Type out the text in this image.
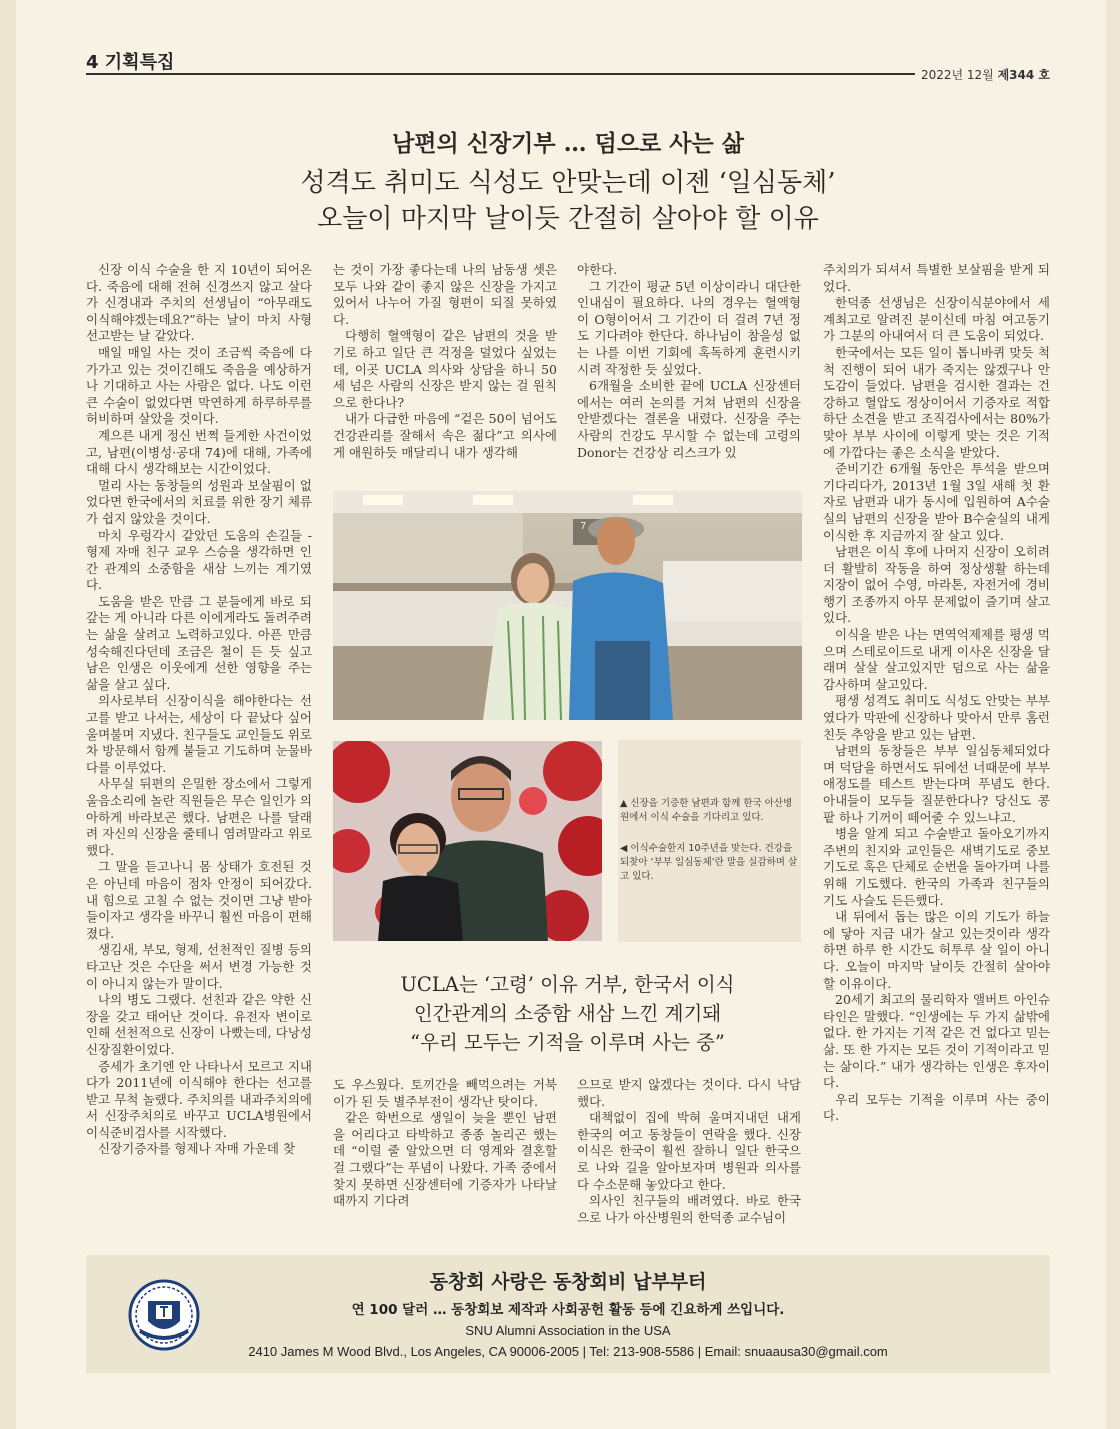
4 기획특집
2022년 12월 제344 호
남편의 신장기부 … 덤으로 사는 삶
성격도 취미도 식성도 안맞는데 이젠 ‘일심동체’
오늘이 마지막 날이듯 간절히 살아야 할 이유

신장 이식 수술을 한 지 10년이 되어온다. 죽음에 대해 전혀 신경쓰지 않고 살다가 신경내과 주치의 선생님이 “아무래도 이식해야겠는데요?”하는 날이 마치 사형 선고받는 날 같았다.

매일 매일 사는 것이 조금씩 죽음에 다가가고 있는 것이긴해도 죽음을 예상하거나 기대하고 사는 사람은 없다. 나도 이런 큰 수술이 없었다면 막연하게 하루하루를 허비하며 살았을 것이다.

계으른 내게 정신 번쩍 들게한 사건이었고, 남편(이병성·공대 74)에 대해, 가족에 대해 다시 생각해보는 시간이었다.

멀리 사는 동창들의 성원과 보살핌이 없었다면 한국에서의 치료를 위한 장기 체류가 쉽지 않았을 것이다.

마치 우렁각시 같았던 도움의 손길들 - 형제 자매 친구 교우 스승을 생각하면 인간 관계의 소중함을 새삼 느끼는 계기였다.

도움을 받은 만큼 그 분들에게 바로 되갚는 게 아니라 다른 이에게라도 돌려주려는 삶을 살려고 노력하고있다. 아픈 만큼 성숙해진다던데 조금은 철이 든 듯 싶고 남은 인생은 이웃에게 선한 영향을 주는 삶을 살고 싶다.

의사로부터 신장이식을 해야한다는 선고를 받고 나서는, 세상이 다 끝났다 싶어 울며불며 지냈다. 친구들도 교인들도 위로 차 방문해서 함께 붙들고 기도하며 눈물바다를 이루었다.

사무실 뒤편의 은밀한 장소에서 그렇게 울음소리에 놀란 직원들은 무슨 일인가 의아하게 바라보곤 했다. 남편은 나를 달래려 자신의 신장을 줄테니 염려말라고 위로했다.

그 말을 듣고나니 몸 상태가 호전된 것은 아닌데 마음이 점차 안정이 되어갔다. 내 힘으로 고칠 수 없는 것이면 그냥 받아들이자고 생각을 바꾸니 훨씬 마음이 편해졌다.

생김새, 부모, 형제, 선천적인 질병 등의 타고난 것은 수단을 써서 변경 가능한 것이 아니지 않는가 말이다.

나의 병도 그랬다. 선친과 같은 약한 신장을 갖고 태어난 것이다. 유전자 변이로 인해 선천적으로 신장이 나빴는데, 다낭성 신장질환이었다.

증세가 초기엔 안 나타나서 모르고 지내다가 2011년에 이식해야 한다는 선고를 받고 무척 놀랬다. 주치의를 내과주치의에서 신장주치의로 바꾸고 UCLA병원에서 이식준비검사를 시작했다.

신장기증자를 형제나 자매 가운데 찾

는 것이 가장 좋다는데 나의 남동생 셋은 모두 나와 같이 좋지 않은 신장을 가지고 있어서 나누어 가질 형편이 되질 못하였다.

다행히 혈액형이 같은 남편의 것을 받기로 하고 일단 큰 걱정을 덜었다 싶었는데, 이곳 UCLA 의사와 상담을 하니 50세 넘은 사람의 신장은 받지 않는 걸 원칙으로 한다나?

내가 다급한 마음에 “겉은 50이 넘어도 건강관리를 잘해서 속은 젊다”고 의사에게 애원하듯 매달리니 내가 생각해

야한다.

그 기간이 평균 5년 이상이라니 대단한 인내심이 필요하다. 나의 경우는 혈액형이 O형이어서 그 기간이 더 걸려 7년 정도 기다려야 한단다. 하나님이 참을성 없는 나를 이번 기회에 혹독하게 훈련시키시려 작정한 듯 싶었다.

6개월을 소비한 끝에 UCLA 신장센터에서는 여러 논의를 거쳐 남편의 신장을 안받겠다는 결론을 내렸다. 신장을 주는 사람의 건강도 무시할 수 없는데 고령의 Donor는 건강상 리스크가 있

주치의가 되셔서 특별한 보살핌을 받게 되었다.

한덕종 선생님은 신장이식분야에서 세계최고로 알려진 분이신데 마침 여고동기가 그분의 아내여서 더 큰 도움이 되었다.

한국에서는 모든 일이 톱니바퀴 맞듯 척척 진행이 되어 내가 죽지는 않겠구나 안도감이 들었다. 남편을 검시한 결과는 건강하고 혈압도 정상이어서 기증자로 적합하단 소견을 받고 조직검사에서는 80%가 맞아 부부 사이에 이렇게 맞는 것은 기적에 가깝다는 좋은 소식을 받았다.

준비기간 6개월 동안은 투석을 받으며 기다리다가, 2013년 1월 3일 새해 첫 환자로 남편과 내가 동시에 입원하여 A수술실의 남편의 신장을 받아 B수술실의 내게 이식한 후 지금까지 잘 살고 있다.

남편은 이식 후에 나머지 신장이 오히려 더 활발히 작동을 하여 정상생활 하는데 지장이 없어 수영, 마라톤, 자전거에 경비행기 조종까지 아무 문제없이 즐기며 살고있다.

이식을 받은 나는 면역억제제를 평생 먹으며 스테로이드로 내게 이사온 신장을 달래며 살살 살고있지만 덤으로 사는 삶을 감사하며 살고있다.

평생 성격도 취미도 식성도 안맞는 부부였다가 막판에 신장하나 맞아서 만루 홈런 친듯 추앙을 받고 있는 남편.

남편의 동창들은 부부 일심동체되었다며 덕담을 하면서도 뒤에선 너때문에 부부 애정도를 테스트 받는다며 푸념도 한다. 아내들이 모두들 질문한다나? 당신도 콩팥 하나 기꺼이 떼어줄 수 있느냐고.

병을 알게 되고 수술받고 돌아오기까지 주변의 친지와 교인들은 새벽기도로 중보 기도로 혹은 단체로 순번을 돌아가며 나를 위해 기도했다. 한국의 가족과 친구들의 기도 사슬도 든든했다.

내 뒤에서 돕는 많은 이의 기도가 하늘에 닿아 지금 내가 살고 있는것이라 생각하면 하루 한 시간도 허투루 살 일이 아니다. 오늘이 마지막 날이듯 간절히 살아야 할 이유이다.

20세기 최고의 물리학자 앨버트 아인슈타인은 말했다. “인생에는 두 가지 삶밖에 없다. 한 가지는 기적 같은 건 없다고 믿는 삶. 또 한 가지는 모든 것이 기적이라고 믿는 삶이다.” 내가 생각하는 인생은 후자이다.

우리 모두는 기적을 이루며 사는 중이다.

7
▲ 신장을 기증한 남편과 함께 한국 아산병원에서 이식 수술을 기다리고 있다.
◀ 이식수술한지 10주년을 맞는다. 건강을 되찾아 ‘부부 일심동체’란 말을 실감하며 살고 있다.
UCLA는 ‘고령’ 이유 거부, 한국서 이식
인간관계의 소중함 새삼 느낀 계기돼
“우리 모두는 기적을 이루며 사는 중”

도 우스웠다. 토끼간을 빼먹으려는 거북이가 된 듯 별주부전이 생각난 탓이다.

같은 학번으로 생일이 늦을 뿐인 남편을 어리다고 타박하고 종종 놀리곤 했는데 “이럴 줄 알았으면 더 영계와 결혼할 걸 그랬다”는 푸념이 나왔다. 가족 중에서 찾지 못하면 신장센터에 기증자가 나타날 때까지 기다려

으므로 받지 않겠다는 것이다. 다시 낙담했다.

대책없이 집에 박혀 울며지내던 내게 한국의 여고 동창들이 연락을 했다. 신장이식은 한국이 훨씬 잘하니 일단 한국으로 나와 길을 알아보자며 병원과 의사를 다 수소문해 놓았다고 한다.

의사인 친구들의 배려였다. 바로 한국으로 나가 아산병원의 한덕종 교수님이

동창회 사랑은 동창회비 납부부터
연 100 달러 … 동창회보 제작과 사회공헌 활동 등에 긴요하게 쓰입니다.
SNU Alumni Association in the USA
2410 James M Wood Blvd., Los Angeles, CA 90006-2005 | Tel: 213-908-5586 | Email: snuaausa30@gmail.com
